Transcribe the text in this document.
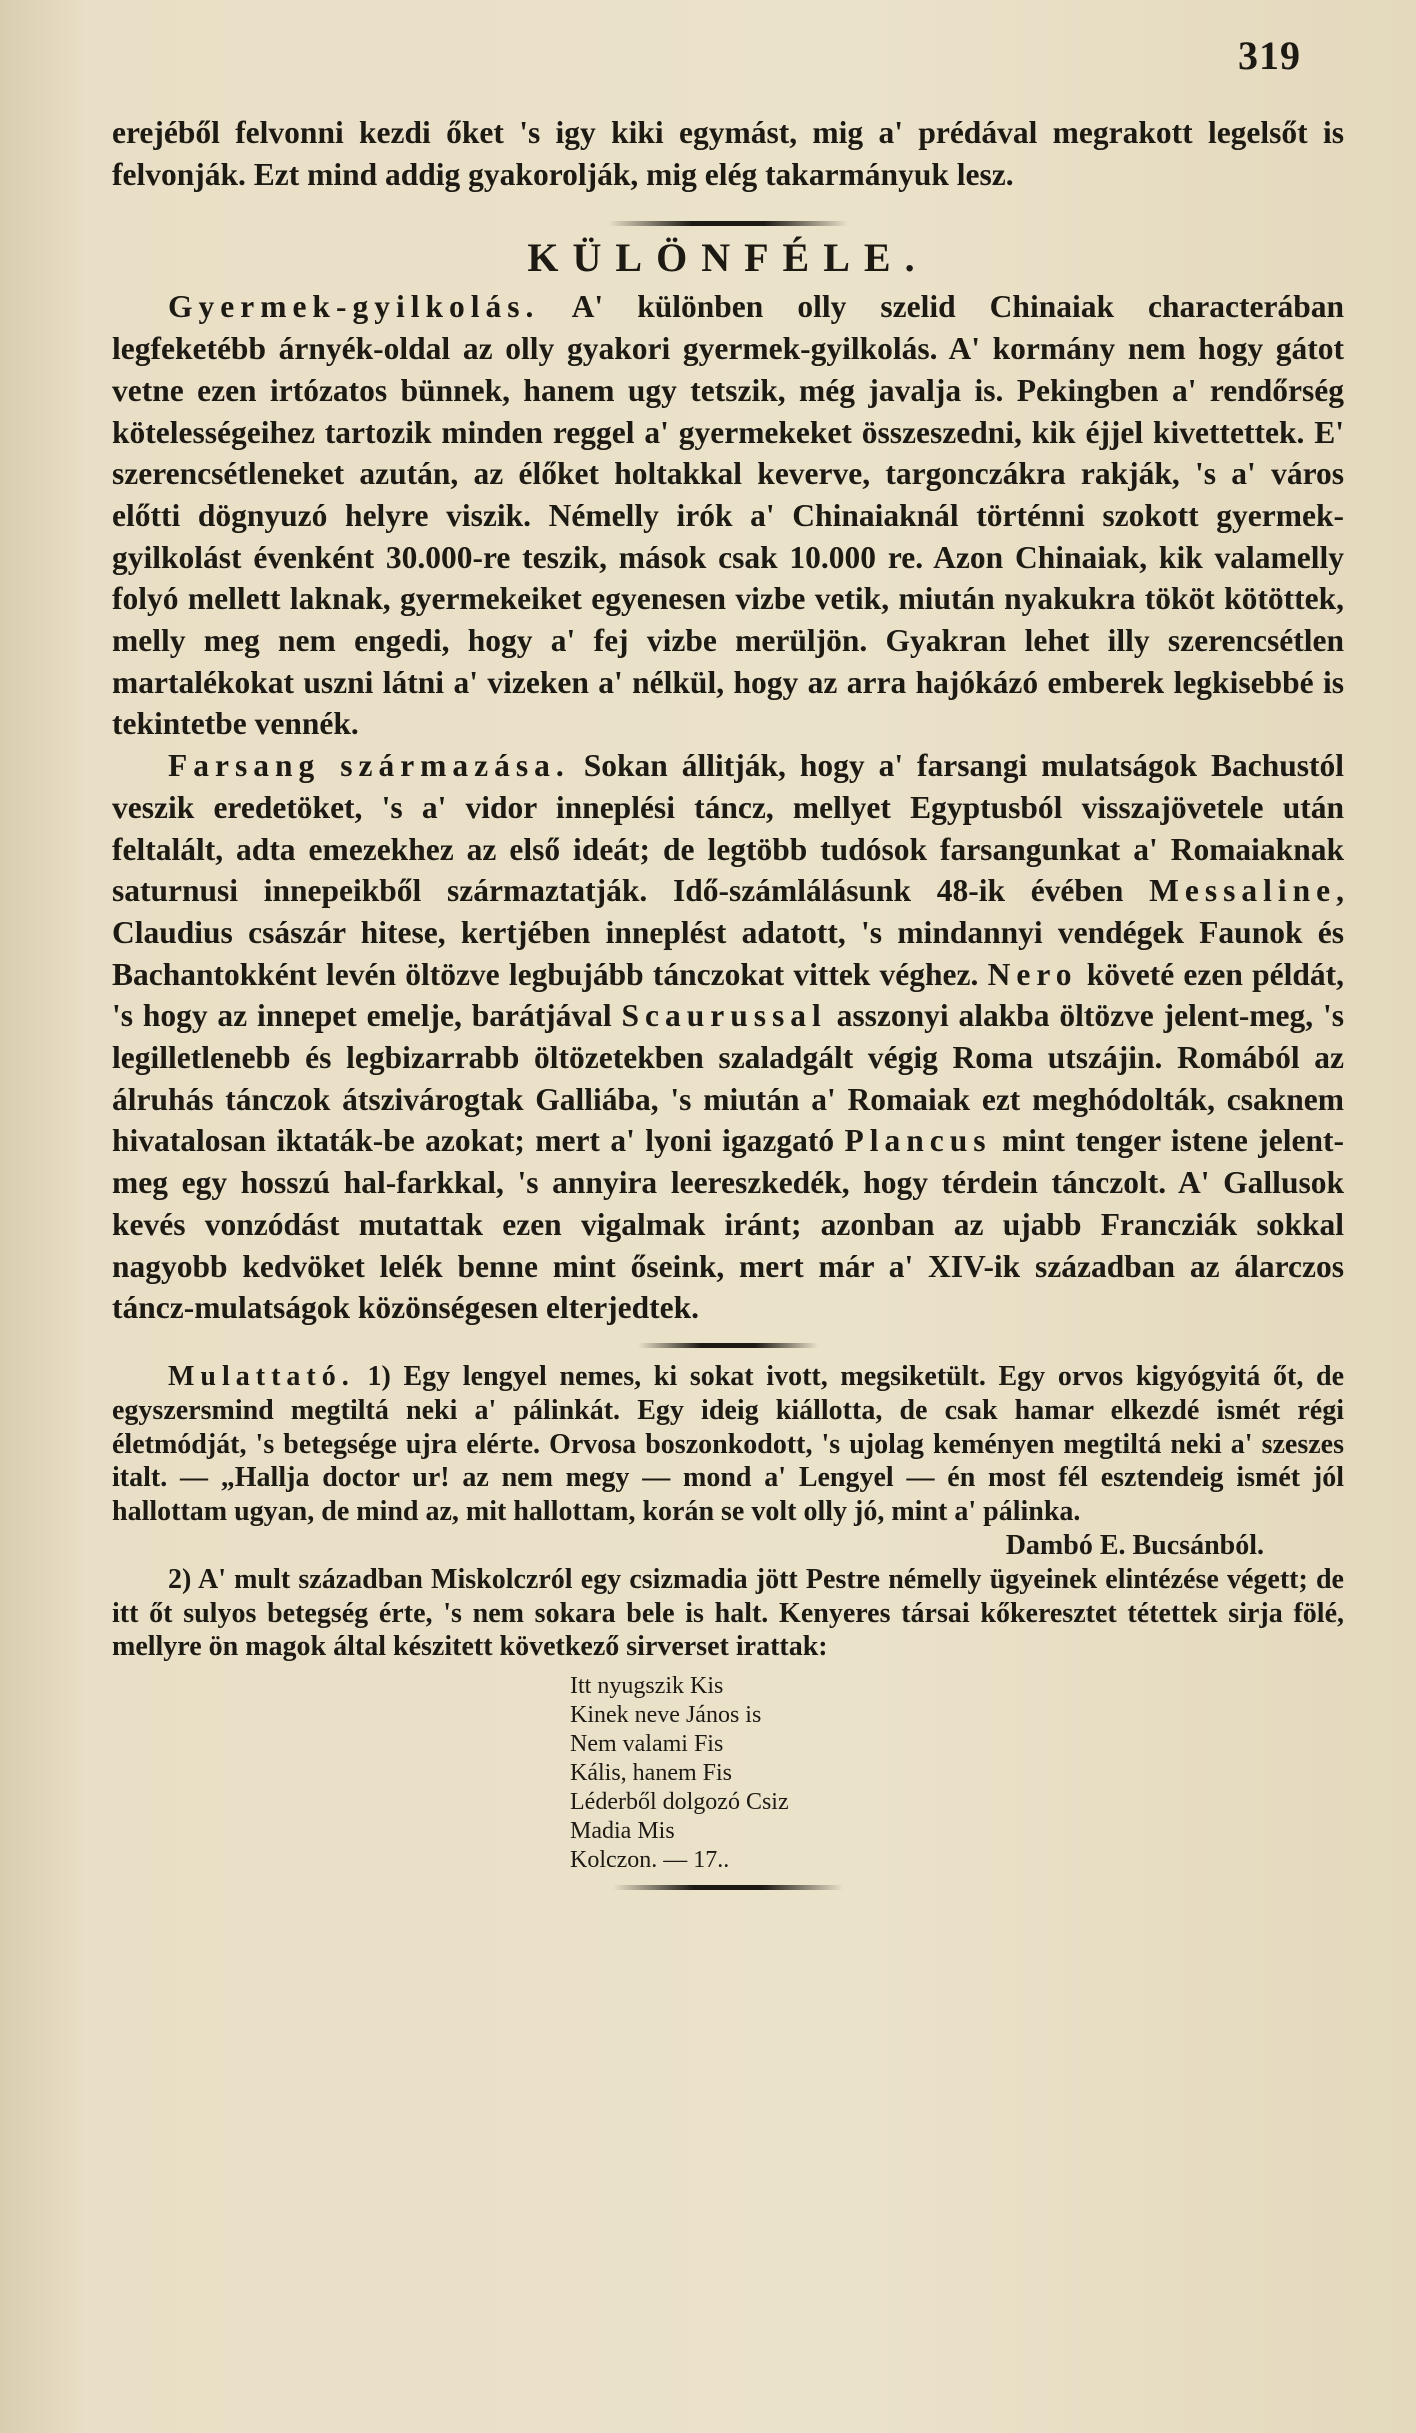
319

erejéből felvonni kezdi őket 's igy kiki egymást, mig a' prédával megrakott legelsőt is felvonják. Ezt mind addig gyakorolják, mig elég takarmányuk lesz.

KÜLÖNFÉLE.

Gyermek-gyilkolás. A' különben olly szelid Chinaiak characterában legfeketébb árnyék-oldal az olly gyakori gyermek-gyilkolás. A' kormány nem hogy gátot vetne ezen irtózatos bünnek, hanem ugy tetszik, még javalja is. Pekingben a' rendőrség kötelességeihez tartozik minden reggel a' gyermekeket összeszedni, kik éjjel kivettettek. E' szerencsétleneket azután, az élőket holtakkal keverve, targonczákra rakják, 's a' város előtti dögnyuzó helyre viszik. Némelly irók a' Chinaiaknál történni szokott gyermek-gyilkolást évenként 30.000-re teszik, mások csak 10.000 re. Azon Chinaiak, kik valamelly folyó mellett laknak, gyermekeiket egyenesen vizbe vetik, miután nyakukra tököt kötöttek, melly meg nem engedi, hogy a' fej vizbe merüljön. Gyakran lehet illy szerencsétlen martalékokat uszni látni a' vizeken a' nélkül, hogy az arra hajókázó emberek legkisebbé is tekintetbe vennék.

Farsang származása. Sokan állitják, hogy a' farsangi mulatságok Bachustól veszik eredetöket, 's a' vidor inneplési táncz, mellyet Egyptusból visszajövetele után feltalált, adta emezekhez az első ideát; de legtöbb tudósok farsangunkat a' Romaiaknak saturnusi innepeikből származtatják. Idő-számlálásunk 48-ik évében Messaline, Claudius császár hitese, kertjében inneplést adatott, 's mindannyi vendégek Faunok és Bachantokként levén öltözve legbujább tánczokat vittek véghez. Nero követé ezen példát, 's hogy az innepet emelje, barátjával Scaurussal asszonyi alakba öltözve jelent-meg, 's legilletlenebb és legbizarrabb öltözetekben szaladgált végig Roma utszájin. Romából az álruhás tánczok átszivárogtak Galliába, 's miután a' Romaiak ezt meghódolták, csaknem hivatalosan iktaták-be azokat; mert a' lyoni igazgató Plancus mint tenger istene jelent-meg egy hosszú hal-farkkal, 's annyira leereszkedék, hogy térdein tánczolt. A' Gallusok kevés vonzódást mutattak ezen vigalmak iránt; azonban az ujabb Francziák sokkal nagyobb kedvöket lelék benne mint őseink, mert már a' XIV-ik században az álarczos táncz-mulatságok közönségesen elterjedtek.

Mulattató. 1) Egy lengyel nemes, ki sokat ivott, megsiketült. Egy orvos kigyógyitá őt, de egyszersmind megtiltá neki a' pálinkát. Egy ideig kiállotta, de csak hamar elkezdé ismét régi életmódját, 's betegsége ujra elérte. Orvosa boszonkodott, 's ujolag keményen megtiltá neki a' szeszes italt. — „Hallja doctor ur! az nem megy — mond a' Lengyel — én most fél esztendeig ismét jól hallottam ugyan, de mind az, mit hallottam, korán se volt olly jó, mint a' pálinka.

Dambó E. Bucsánból.

2) A' mult században Miskolczról egy csizmadia jött Pestre némelly ügyeinek elintézése végett; de itt őt sulyos betegség érte, 's nem sokara bele is halt. Kenyeres társai kőkeresztet tétettek sirja fölé, mellyre ön magok által készitett következő sirverset irattak:

Itt nyugszik Kis
Kinek neve János is
Nem valami Fis
Kális, hanem Fis
Léderből dolgozó Csiz
Madia Mis
Kolczon. — 17..
